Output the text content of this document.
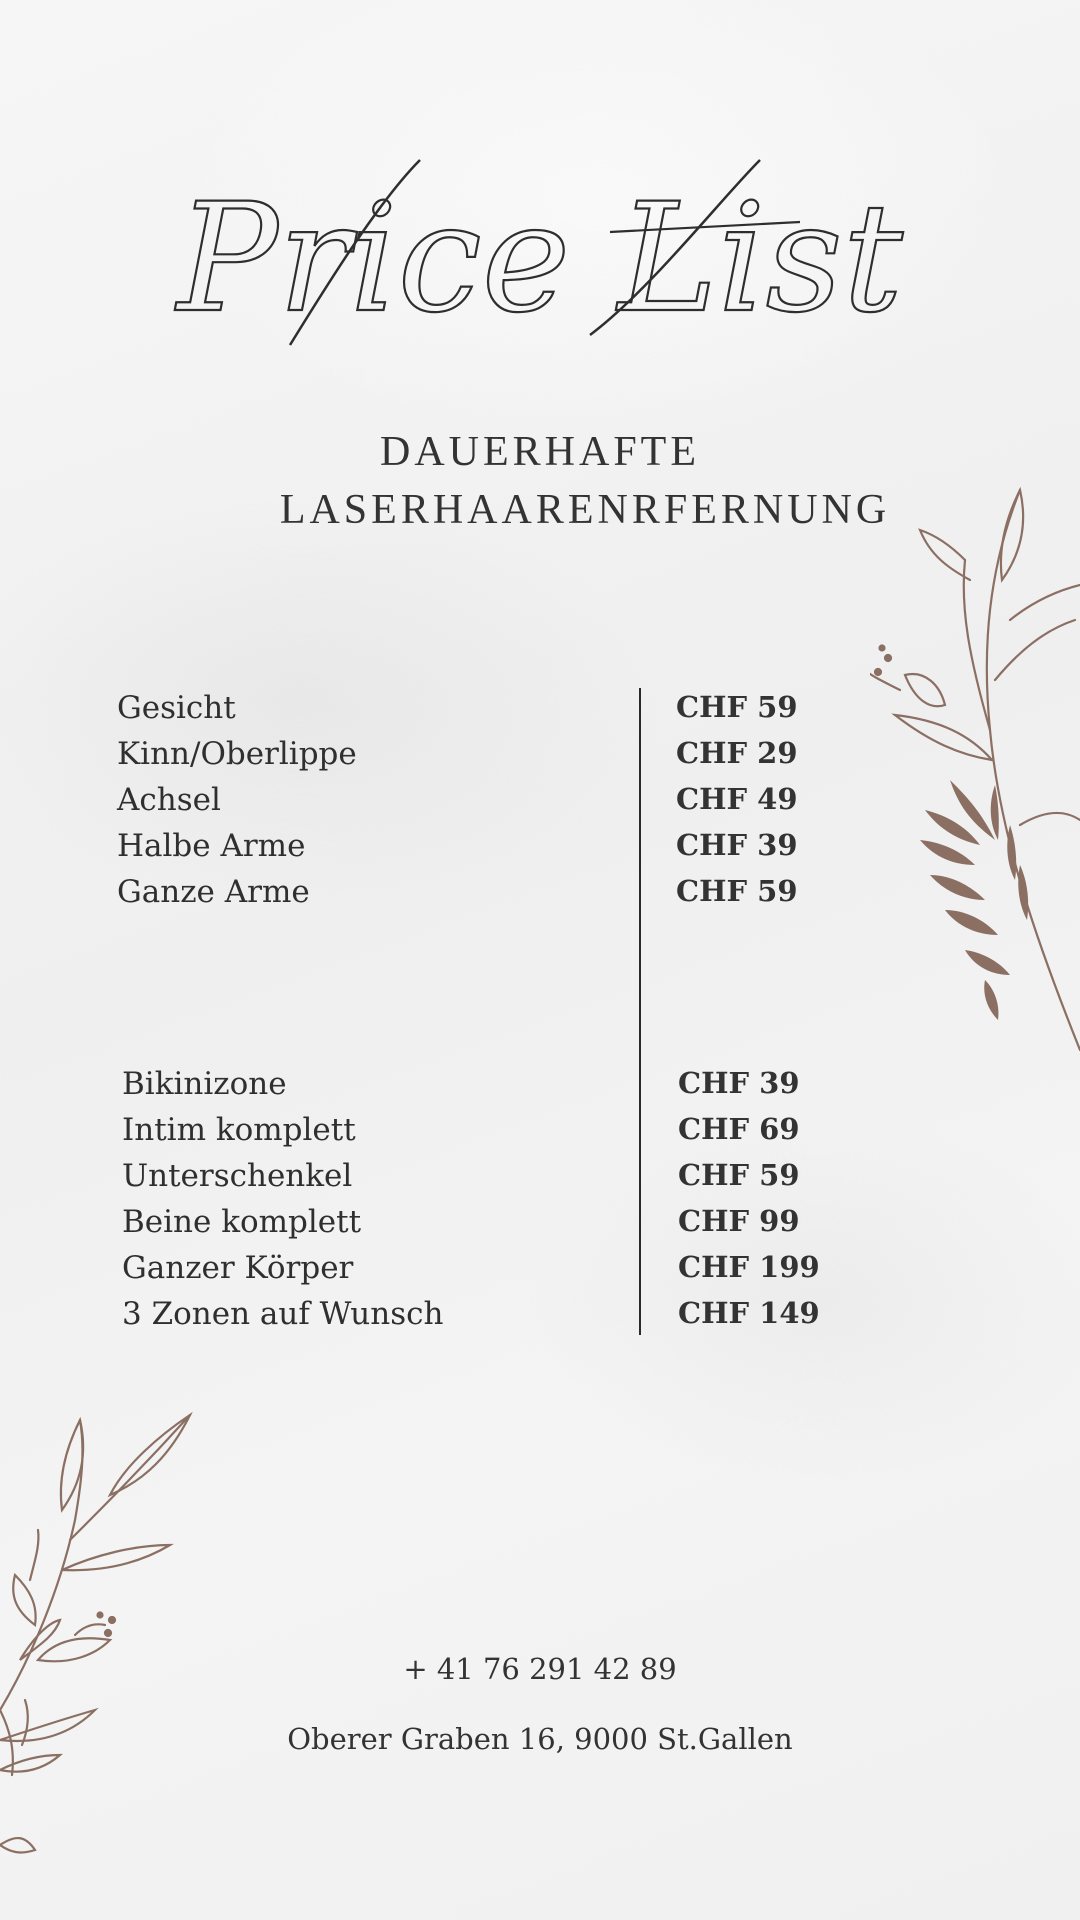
Price List
DAUERHAFTE
LASERHAARENRFERNUNG
Gesicht	CHF 59
Kinn/Oberlippe	CHF 29
Achsel	CHF 49
Halbe Arme	CHF 39
Ganze Arme	CHF 59
Bikinizone	CHF 39
Intim komplett	CHF 69
Unterschenkel	CHF 59
Beine komplett	CHF 99
Ganzer Körper	CHF 199
3 Zonen auf Wunsch	CHF 149
+ 41 76 291 42 89
Oberer Graben 16, 9000 St.Gallen
